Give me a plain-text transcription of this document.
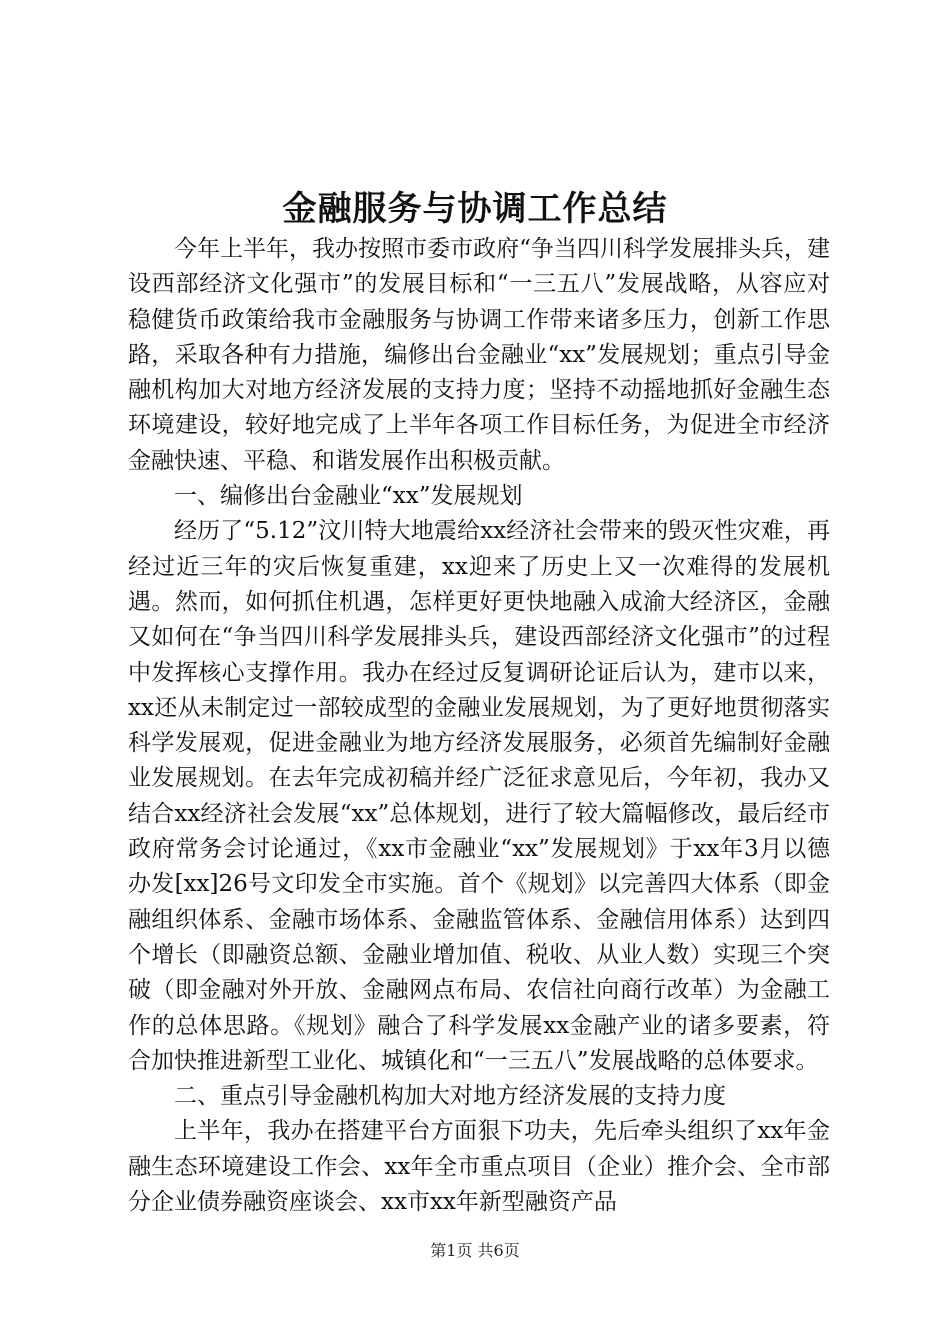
金融服务与协调工作总结

今年上半年，我办按照市委市政府“争当四川科学发展排头兵，建设西部经济文化强市”的发展目标和“一三五八”发展战略，从容应对稳健货币政策给我市金融服务与协调工作带来诸多压力，创新工作思路，采取各种有力措施，编修出台金融业“xx”发展规划；重点引导金融机构加大对地方经济发展的支持力度；坚持不动摇地抓好金融生态环境建设，较好地完成了上半年各项工作目标任务，为促进全市经济金融快速、平稳、和谐发展作出积极贡献。

一、编修出台金融业“xx”发展规划

经历了“5.12”汶川特大地震给xx经济社会带来的毁灭性灾难，再经过近三年的灾后恢复重建，xx迎来了历史上又一次难得的发展机遇。然而，如何抓住机遇，怎样更好更快地融入成渝大经济区，金融又如何在“争当四川科学发展排头兵，建设西部经济文化强市”的过程中发挥核心支撑作用。我办在经过反复调研论证后认为，建市以来，xx还从未制定过一部较成型的金融业发展规划，为了更好地贯彻落实科学发展观，促进金融业为地方经济发展服务，必须首先编制好金融业发展规划。在去年完成初稿并经广泛征求意见后，今年初，我办又结合xx经济社会发展“xx”总体规划，进行了较大篇幅修改，最后经市政府常务会讨论通过，《xx市金融业“xx”发展规划》于xx年3月以德办发[xx]26号文印发全市实施。首个《规划》以完善四大体系（即金融组织体系、金融市场体系、金融监管体系、金融信用体系）达到四个增长（即融资总额、金融业增加值、税收、从业人数）实现三个突破（即金融对外开放、金融网点布局、农信社向商行改革）为金融工作的总体思路。《规划》融合了科学发展xx金融产业的诸多要素，符合加快推进新型工业化、城镇化和“一三五八”发展战略的总体要求。

二、重点引导金融机构加大对地方经济发展的支持力度

上半年，我办在搭建平台方面狠下功夫，先后牵头组织了xx年金融生态环境建设工作会、xx年全市重点项目（企业）推介会、全市部分企业债券融资座谈会、xx市xx年新型融资产品

第1页 共6页
